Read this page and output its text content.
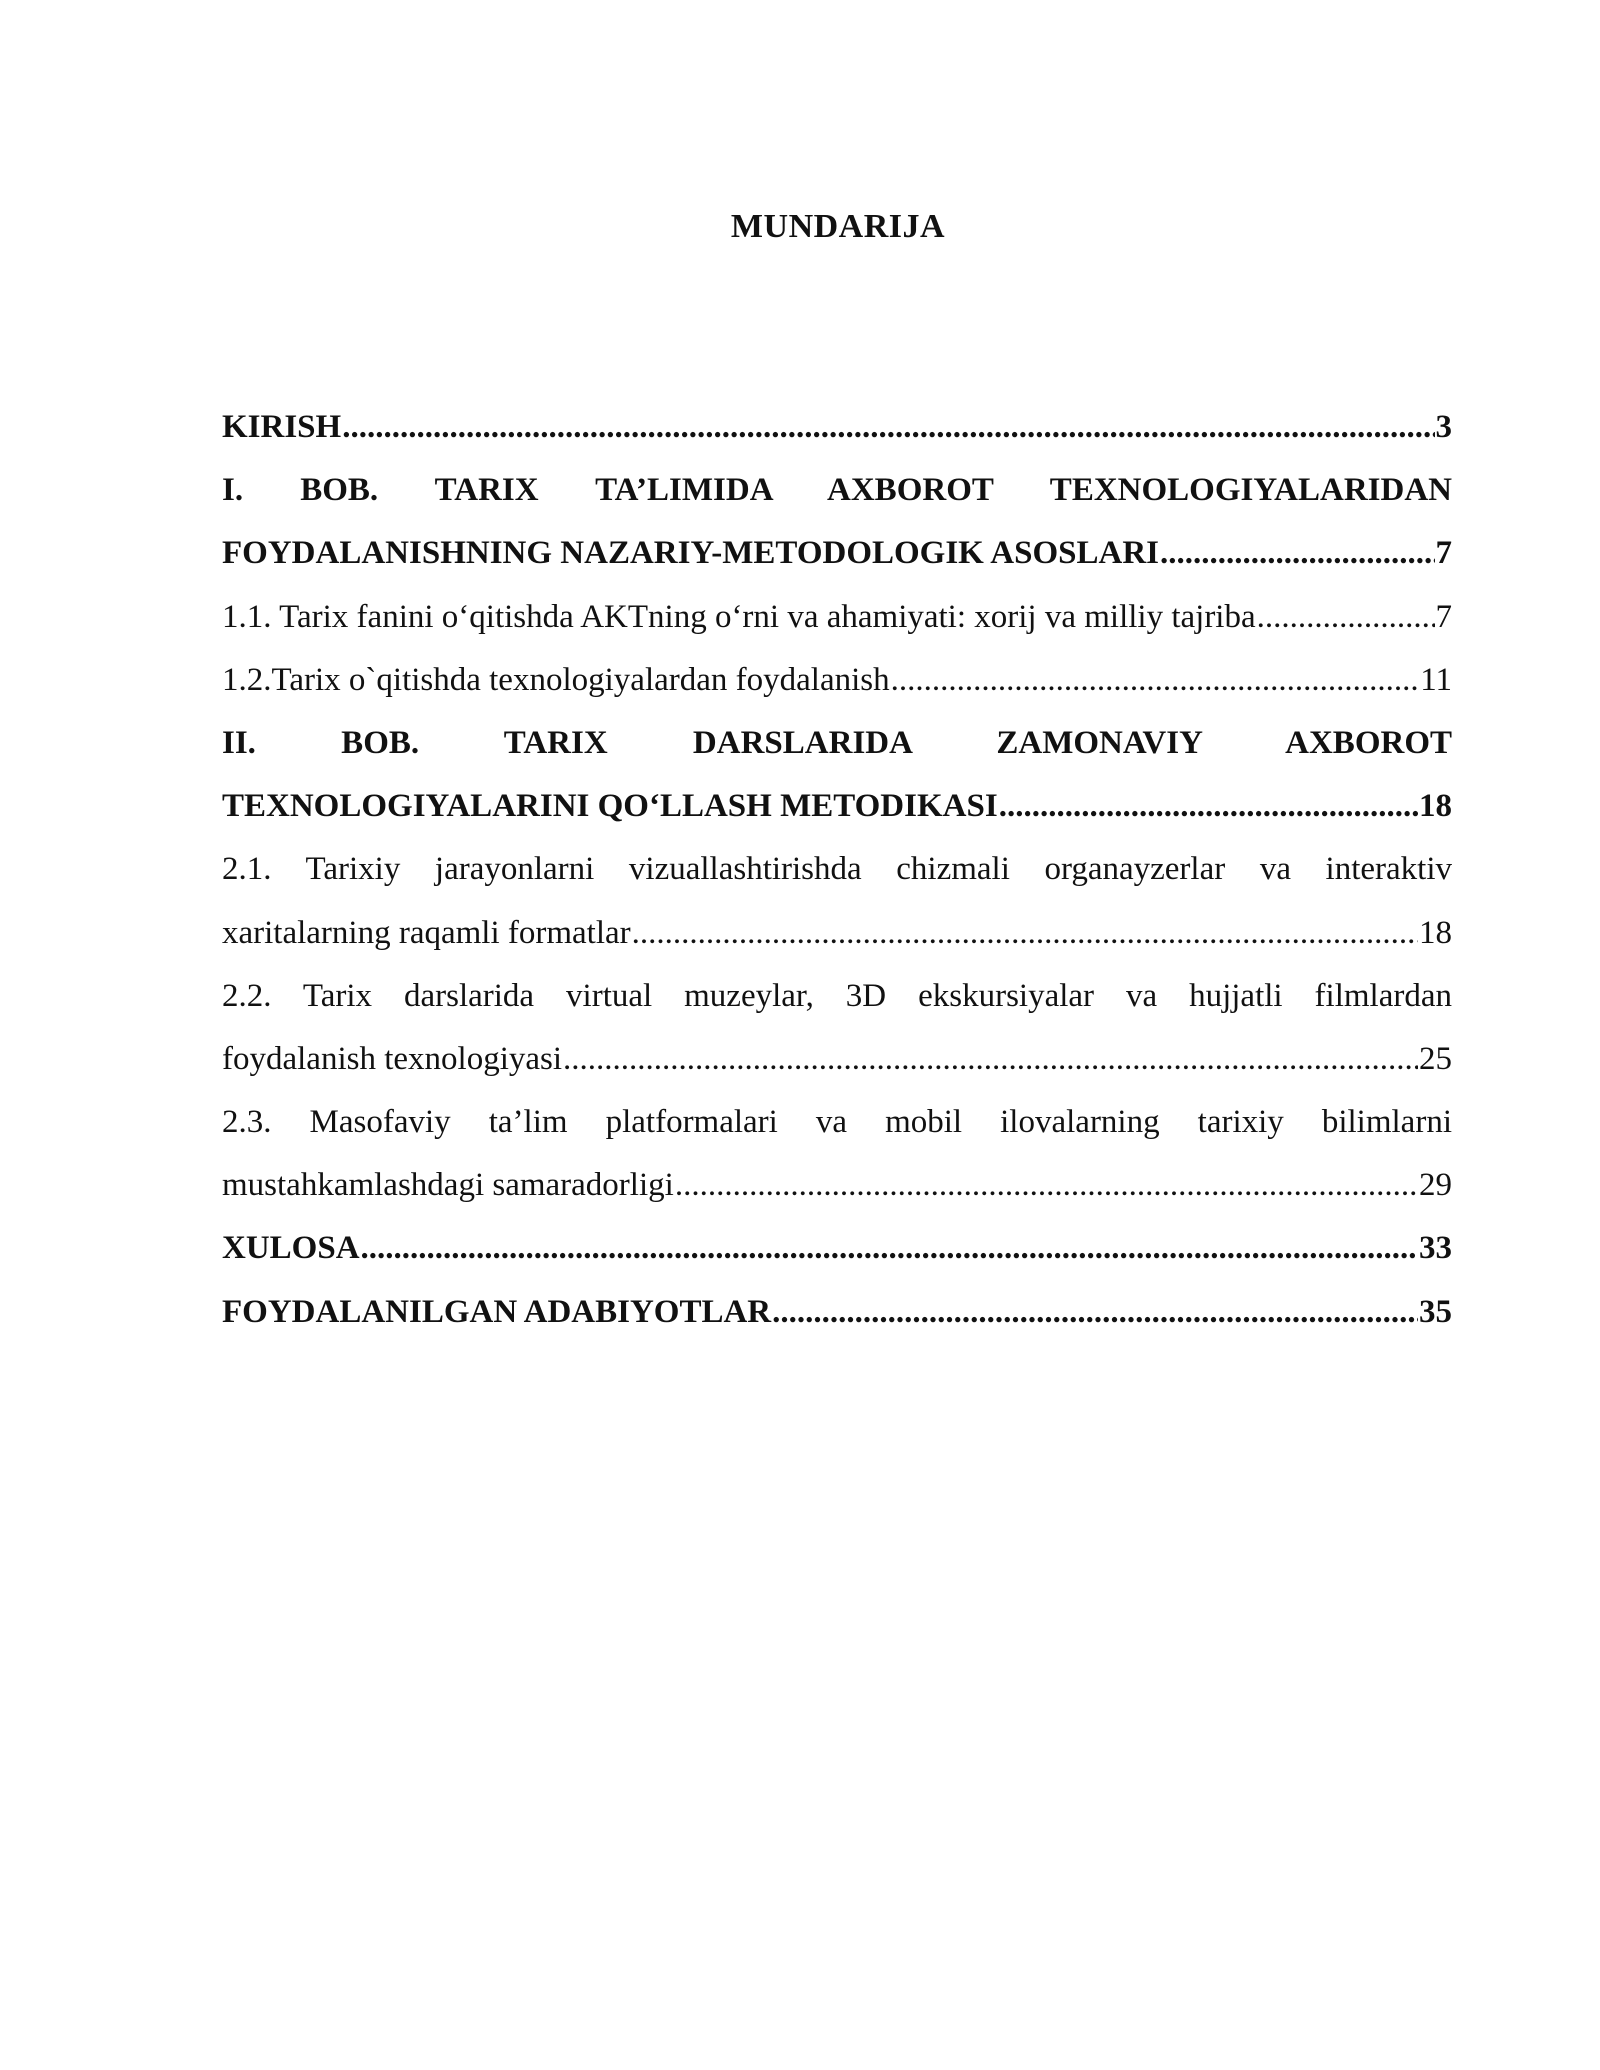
MUNDARIJA
KIRISH .....	3
I. BOB. TARIX TA’LIMIDA AXBOROT TEXNOLOGIYALARIDAN
FOYDALANISHNING NAZARIY-METODOLOGIK ASOSLARI .....	7
1.1. Tarix fanini o‘qitishda AKTning o‘rni va ahamiyati: xorij va milliy tajriba .....	7
1.2.Tarix o`qitishda texnologiyalardan foydalanish .....	11
II. BOB. TARIX DARSLARIDA ZAMONAVIY AXBOROT
TEXNOLOGIYALARINI QO‘LLASH METODIKASI .....	18
2.1. Tarixiy jarayonlarni vizuallashtirishda chizmali organayzerlar va interaktiv
xaritalarning raqamli formatlar .....	18
2.2. Tarix darslarida virtual muzeylar, 3D ekskursiyalar va hujjatli filmlardan
foydalanish texnologiyasi .....	25
2.3. Masofaviy ta’lim platformalari va mobil ilovalarning tarixiy bilimlarni
mustahkamlashdagi samaradorligi .....	29
XULOSA .....	33
FOYDALANILGAN ADABIYOTLAR .....	35
